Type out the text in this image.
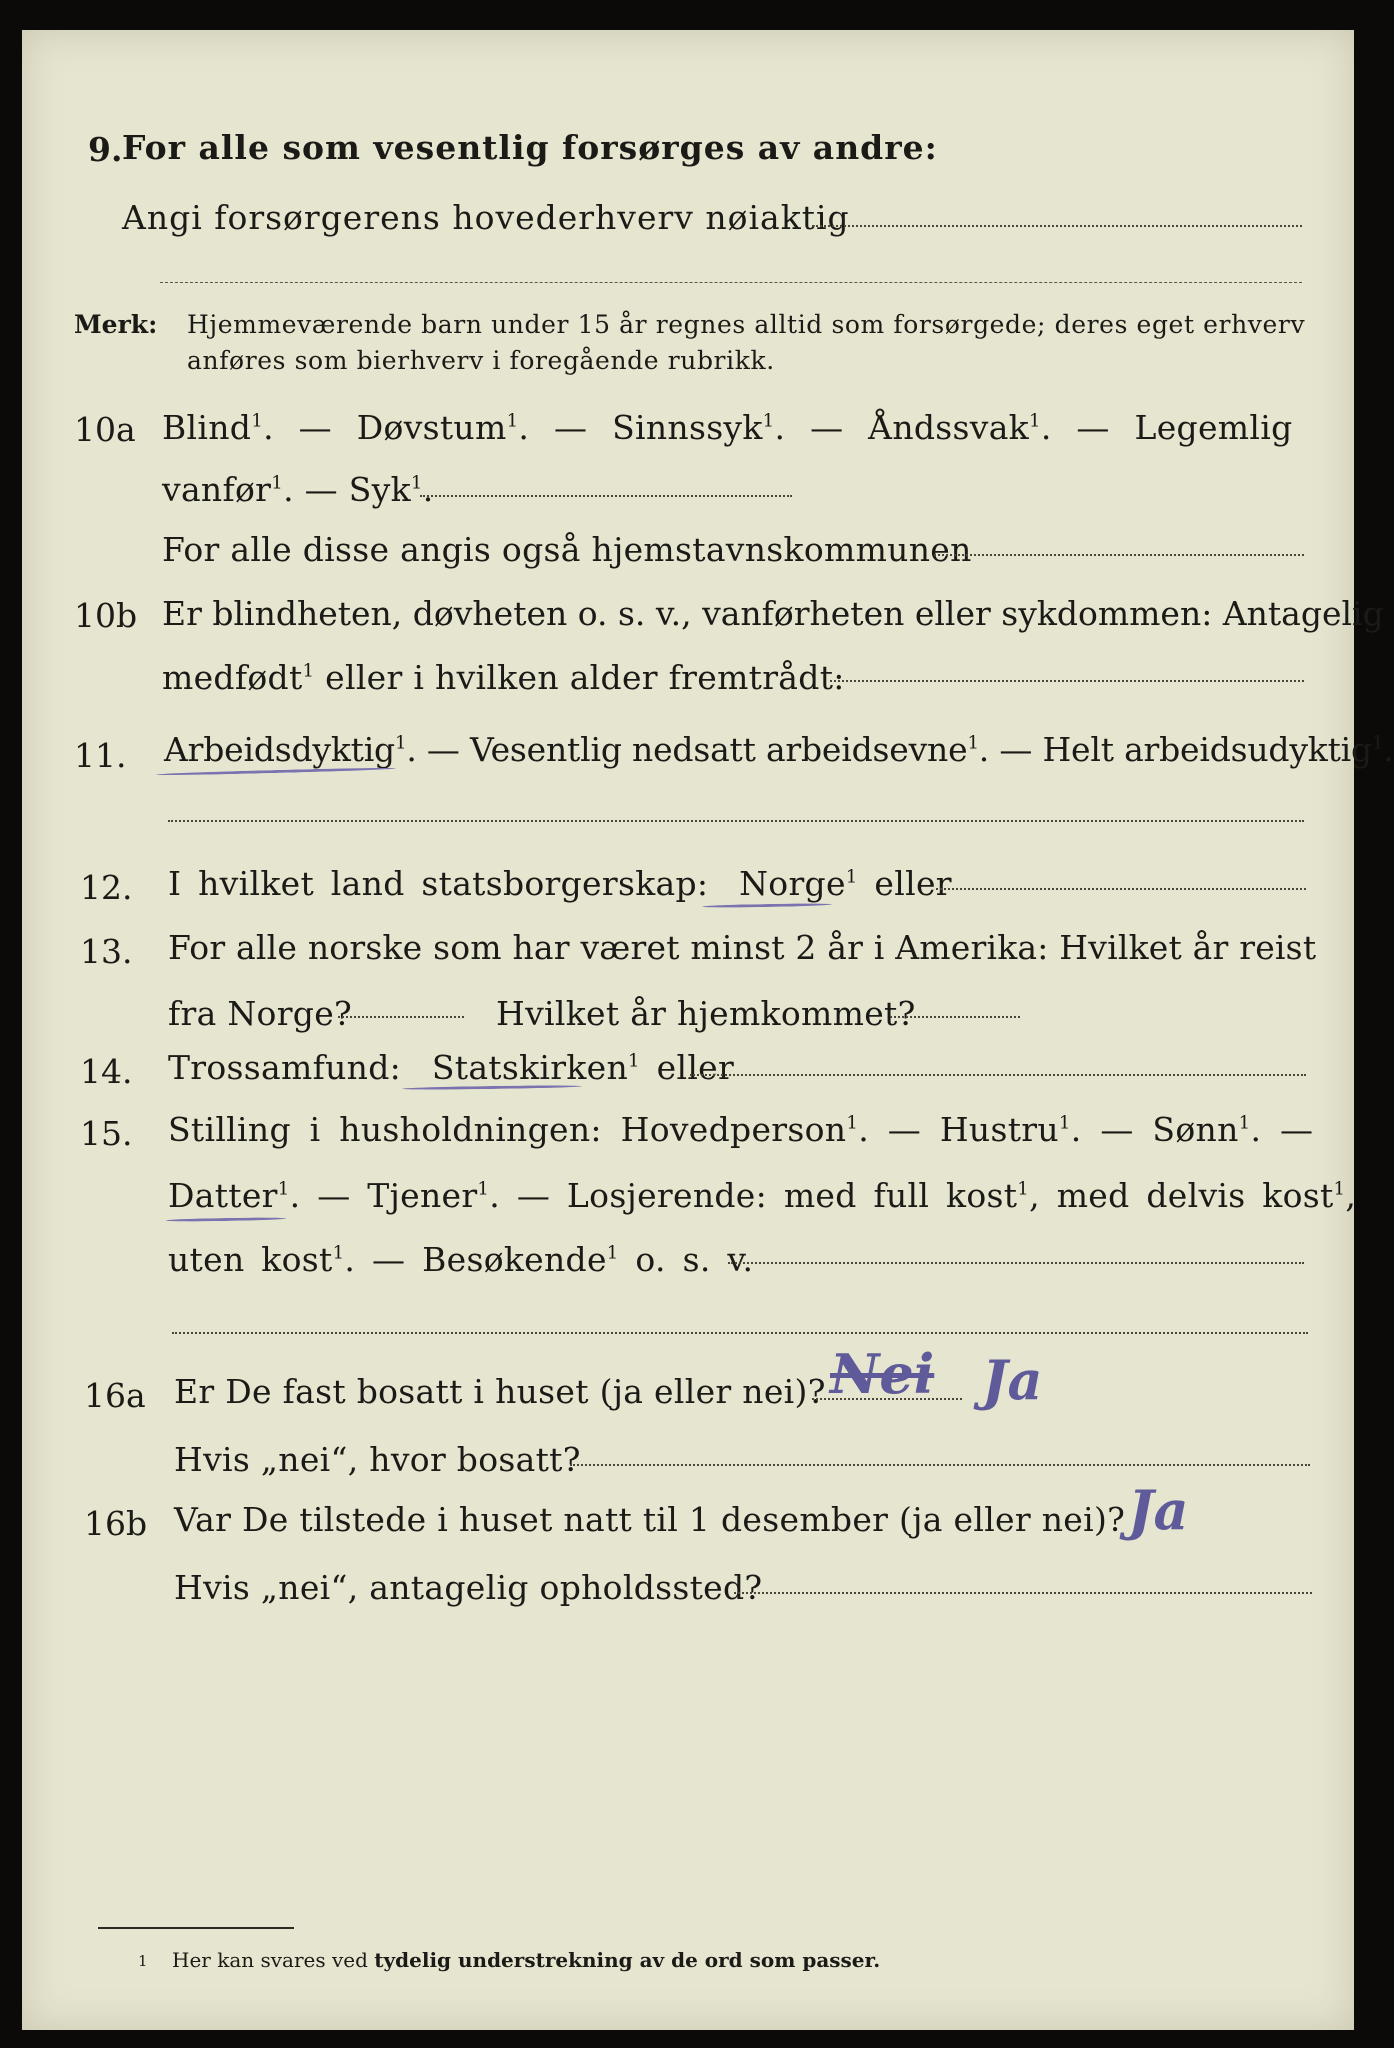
9. For alle som vesentlig forsørges av andre:
Angi forsørgerens hovederhverv nøiaktig
Merk: Hjemmeværende barn under 15 år regnes alltid som forsørgede; deres eget erhverv
anføres som bierhverv i foregående rubrikk.
10a Blind$^1$. — Døvstum$^1$. — Sinnssyk$^1$. — Åndssvak$^1$. — Legemlig
vanfør$^1$. — Syk$^1$.
For alle disse angis også hjemstavnskommunen
10b Er blindheten, døvheten o. s. v., vanførheten eller sykdommen: Antagelig
medfødt$^1$ eller i hvilken alder fremtrådt:
11. Arbeidsdyktig$^1$. — Vesentlig nedsatt arbeidsevne$^1$. — Helt arbeidsudyktig$^1$.
12. I hvilket land statsborgerskap: Norge$^1$ eller
13. For alle norske som har været minst 2 år i Amerika: Hvilket år reist
fra Norge?	Hvilket år hjemkommet?
14. Trossamfund: Statskirken$^1$ eller
15. Stilling i husholdningen: Hovedperson$^1$. — Hustru$^1$. — Sønn$^1$. —
Datter$^1$. — Tjener$^1$. — Losjerende: med full kost$^1$, med delvis kost$^1$,
uten kost$^1$. — Besøkende$^1$ o. s. v.
16a Er De fast bosatt i huset (ja eller nei)? Nei Ja
Hvis „nei“, hvor bosatt?
16b Var De tilstede i huset natt til 1 desember (ja eller nei)? Ja
Hvis „nei“, antagelig opholdssted?
1 Her kan svares ved tydelig understrekning av de ord som passer.
